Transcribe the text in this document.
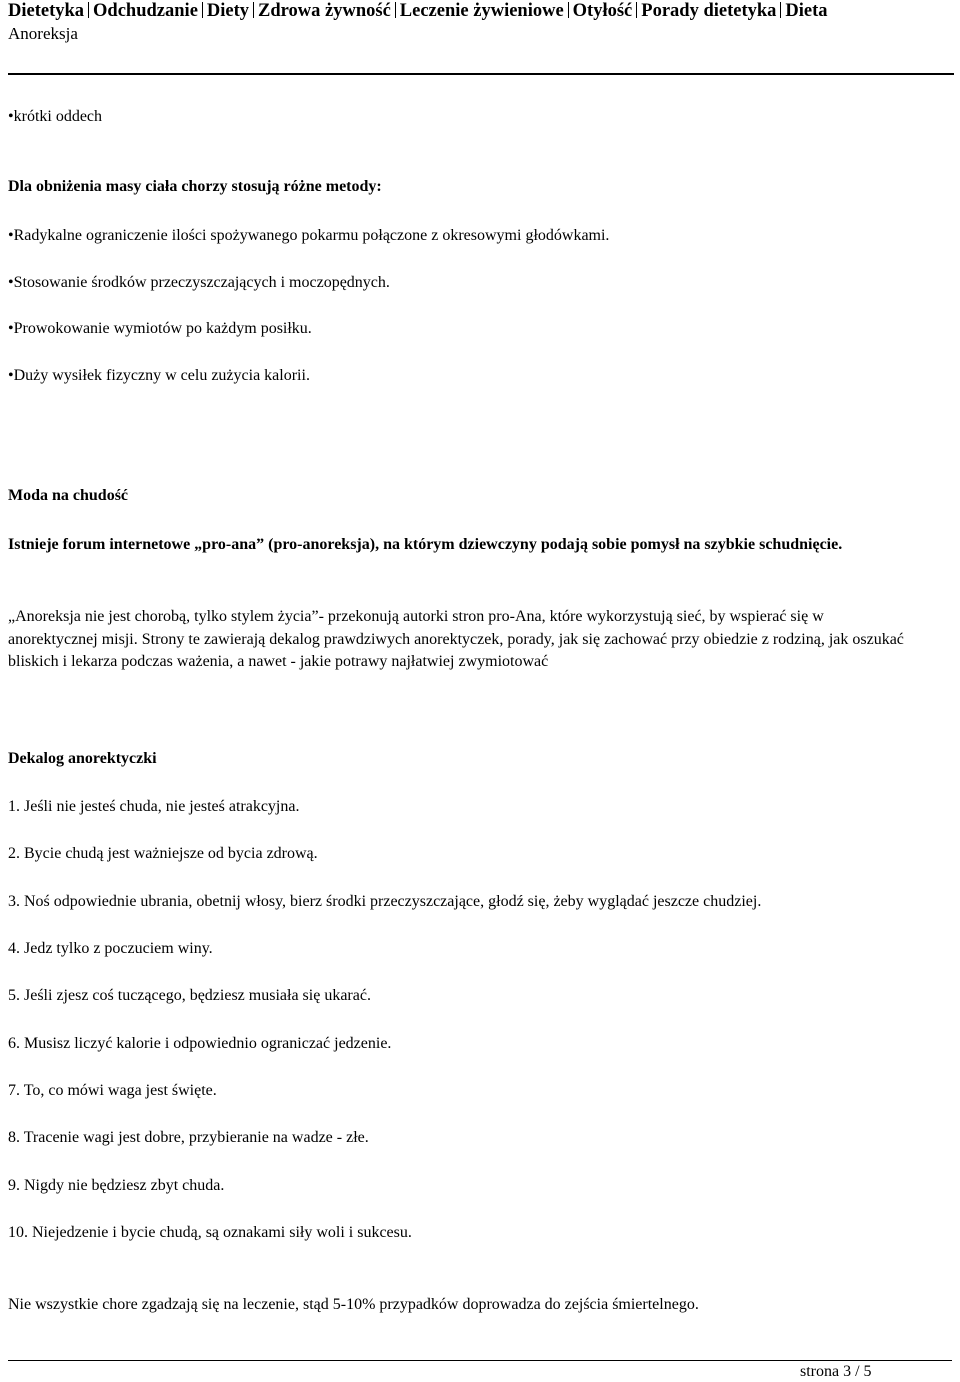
Dietetyka Odchudzanie Diety Zdrowa żywność Leczenie żywieniowe Otyłość Porady dietetyka Dieta
Anoreksja
• krótki oddech
Dla obniżenia masy ciała chorzy stosują różne metody:
• Radykalne ograniczenie ilości spożywanego pokarmu połączone z okresowymi głodówkami.
• Stosowanie środków przeczyszczających i moczopędnych.
• Prowokowanie wymiotów po każdym posiłku.
• Duży wysiłek fizyczny w celu zużycia kalorii.
Moda na chudość
Istnieje forum internetowe „pro-ana” (pro-anoreksja), na którym dziewczyny podają sobie pomysł na szybkie schudnięcie.
„Anoreksja nie jest chorobą, tylko stylem życia”- przekonują autorki stron pro-Ana, które wykorzystują sieć, by wspierać się w anorektycznej misji. Strony te zawierają dekalog prawdziwych anorektyczek, porady, jak się zachować przy obiedzie z rodziną, jak oszukać bliskich i lekarza podczas ważenia, a nawet - jakie potrawy najłatwiej zwymiotować
Dekalog anorektyczki
1. Jeśli nie jesteś chuda, nie jesteś atrakcyjna.
2. Bycie chudą jest ważniejsze od bycia zdrową.
3. Noś odpowiednie ubrania, obetnij włosy, bierz środki przeczyszczające, głodź się, żeby wyglądać jeszcze chudziej.
4. Jedz tylko z poczuciem winy.
5. Jeśli zjesz coś tuczącego, będziesz musiała się ukarać.
6. Musisz liczyć kalorie i odpowiednio ograniczać jedzenie.
7. To, co mówi waga jest święte.
8. Tracenie wagi jest dobre, przybieranie na wadze - złe.
9. Nigdy nie będziesz zbyt chuda.
10. Niejedzenie i bycie chudą, są oznakami siły woli i sukcesu.
Nie wszystkie chore zgadzają się na leczenie, stąd 5-10% przypadków doprowadza do zejścia śmiertelnego.
strona 3 / 5
